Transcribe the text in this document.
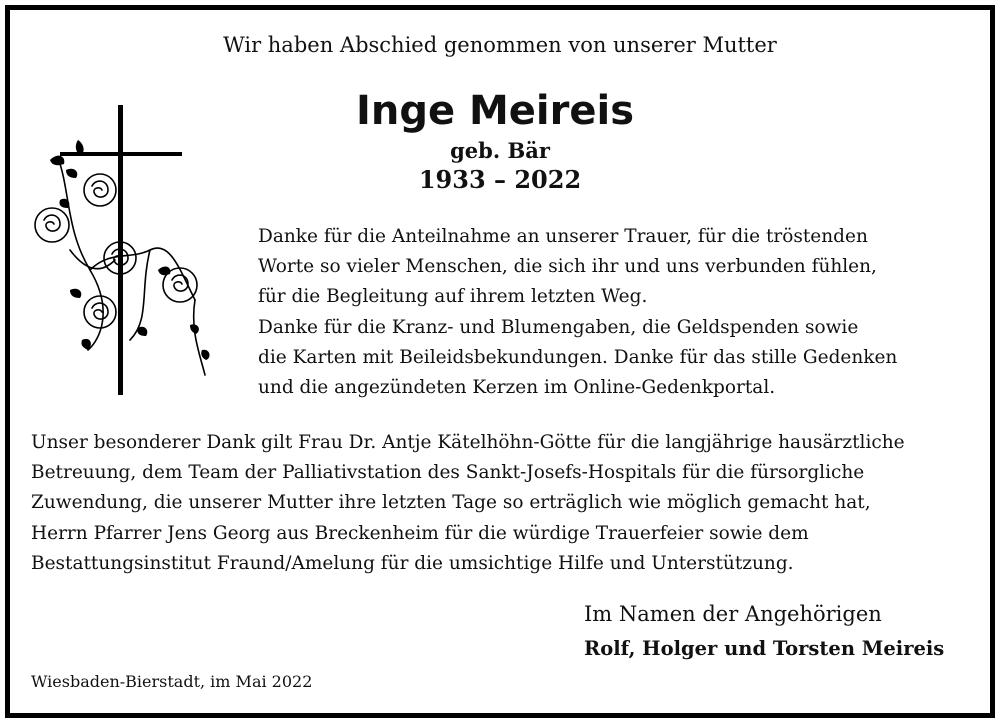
Wir haben Abschied genommen von unserer Mutter
Inge Meireis
geb. Bär
1933 – 2022
Danke für die Anteilnahme an unserer Trauer, für die tröstenden
Worte so vieler Menschen, die sich ihr und uns verbunden fühlen,
für die Begleitung auf ihrem letzten Weg.
Danke für die Kranz- und Blumengaben, die Geldspenden sowie
die Karten mit Beileidsbekundungen. Danke für das stille Gedenken
und die angezündeten Kerzen im Online-Gedenkportal.
Unser besonderer Dank gilt Frau Dr. Antje Kätelhöhn-Götte für die langjährige hausärztliche
Betreuung, dem Team der Palliativstation des Sankt-Josefs-Hospitals für die fürsorgliche
Zuwendung, die unserer Mutter ihre letzten Tage so erträglich wie möglich gemacht hat,
Herrn Pfarrer Jens Georg aus Breckenheim für die würdige Trauerfeier sowie dem
Bestattungsinstitut Fraund/Amelung für die umsichtige Hilfe und Unterstützung.
Im Namen der Angehörigen
Rolf, Holger und Torsten Meireis
Wiesbaden-Bierstadt, im Mai 2022
